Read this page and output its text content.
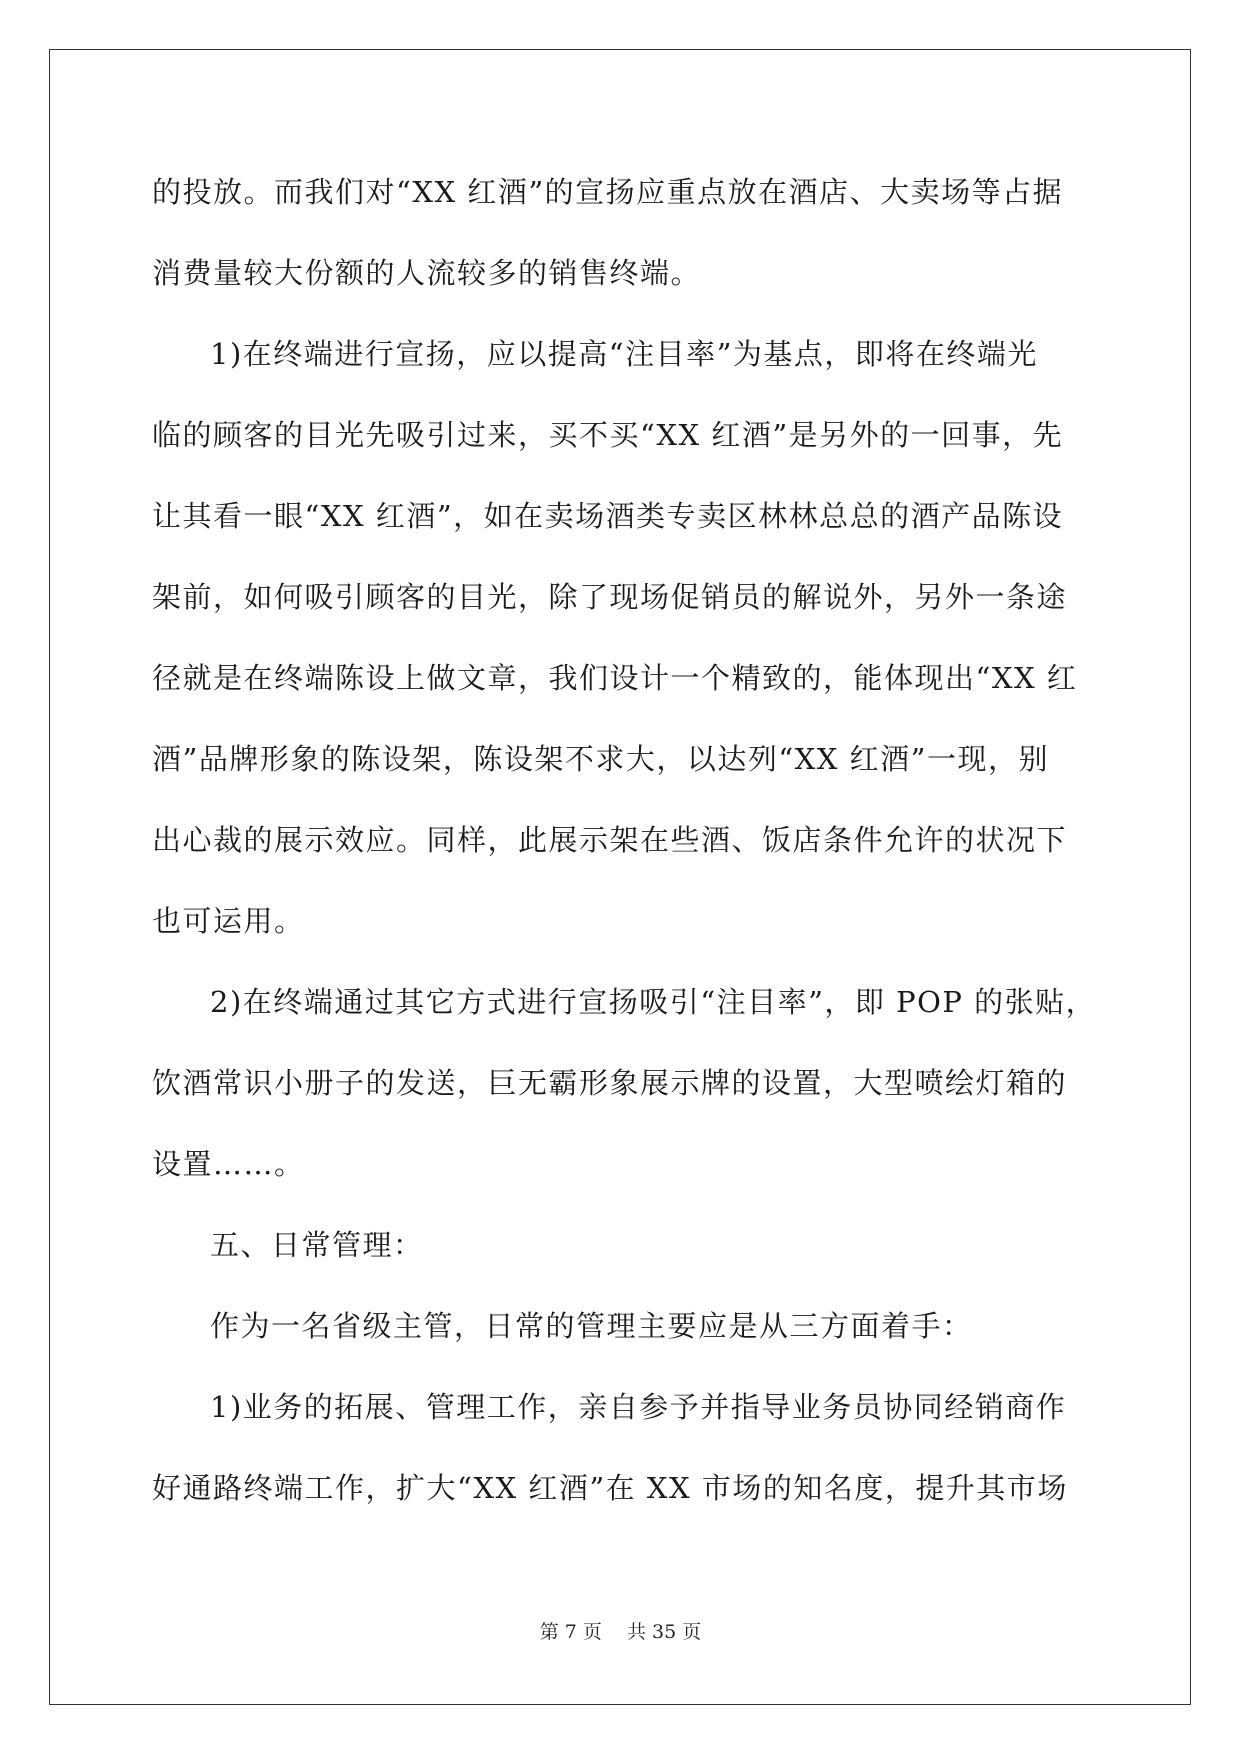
的投放。而我们对“XX 红酒”的宣扬应重点放在酒店、大卖场等占据
消费量较大份额的人流较多的销售终端。
1)在终端进行宣扬，应以提高“注目率”为基点，即将在终端光
临的顾客的目光先吸引过来，买不买“XX 红酒”是另外的一回事，先
让其看一眼“XX 红酒”，如在卖场酒类专卖区林林总总的酒产品陈设
架前，如何吸引顾客的目光，除了现场促销员的解说外，另外一条途
径就是在终端陈设上做文章，我们设计一个精致的，能体现出“XX 红
酒”品牌形象的陈设架，陈设架不求大，以达列“XX 红酒”一现，别
出心裁的展示效应。同样，此展示架在些酒、饭店条件允许的状况下
也可运用。
2)在终端通过其它方式进行宣扬吸引“注目率”，即 POP 的张贴，
饮酒常识小册子的发送，巨无霸形象展示牌的设置，大型喷绘灯箱的
设置……。
五、日常管理：
作为一名省级主管，日常的管理主要应是从三方面着手：
1)业务的拓展、管理工作，亲自参予并指导业务员协同经销商作
好通路终端工作，扩大“XX 红酒”在 XX 市场的知名度，提升其市场
第 7 页　 共 35 页
